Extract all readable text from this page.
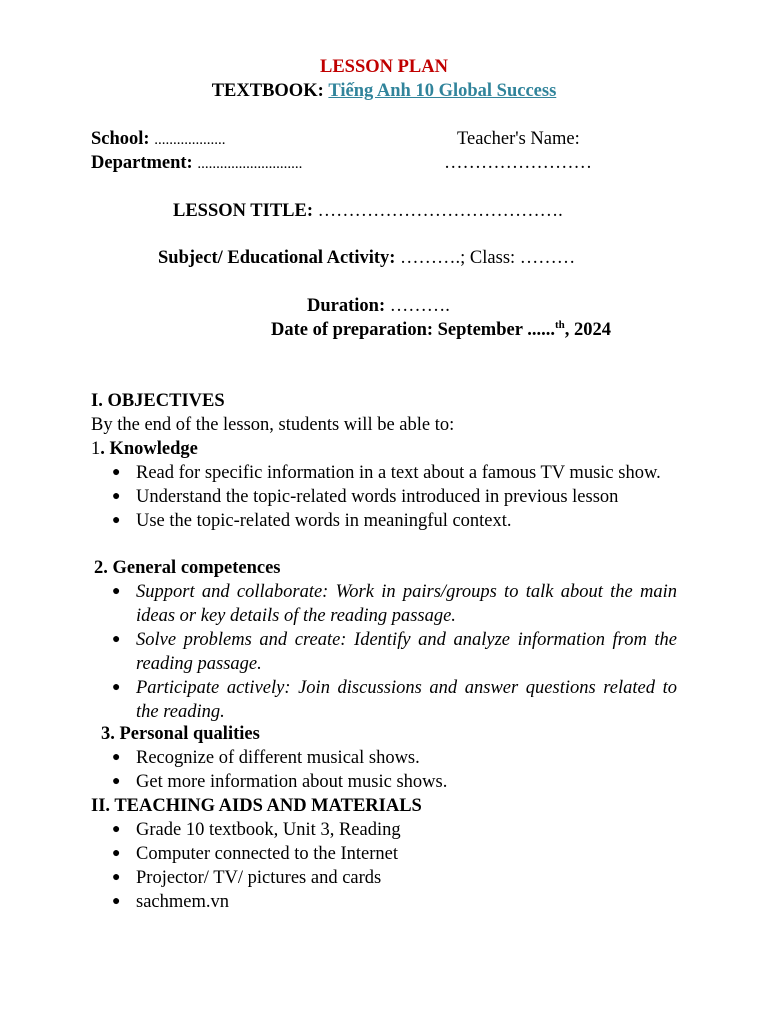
LESSON PLAN
TEXTBOOK: Tiếng Anh 10 Global Success
School: ...................	Teacher's Name:
Department: ............................	……………………
LESSON TITLE: ………………………………….
Subject/ Educational Activity: ……….; Class: ………
Duration: ……….
Date of preparation: September ......$^{th}$, 2024
I. OBJECTIVES
By the end of the lesson, students will be able to:
1. Knowledge
● Read for specific information in a text about a famous TV music show.
● Understand the topic-related words introduced in previous lesson
● Use the topic-related words in meaningful context.
2. General competences
● Support and collaborate: Work in pairs/groups to talk about the main ideas or key details of the reading passage.
● Solve problems and create: Identify and analyze information from the reading passage.
● Participate actively: Join discussions and answer questions related to the reading.
3. Personal qualities
● Recognize of different musical shows.
● Get more information about music shows.
II. TEACHING AIDS AND MATERIALS
● Grade 10 textbook, Unit 3, Reading
● Computer connected to the Internet
● Projector/ TV/ pictures and cards
● sachmem.vn
